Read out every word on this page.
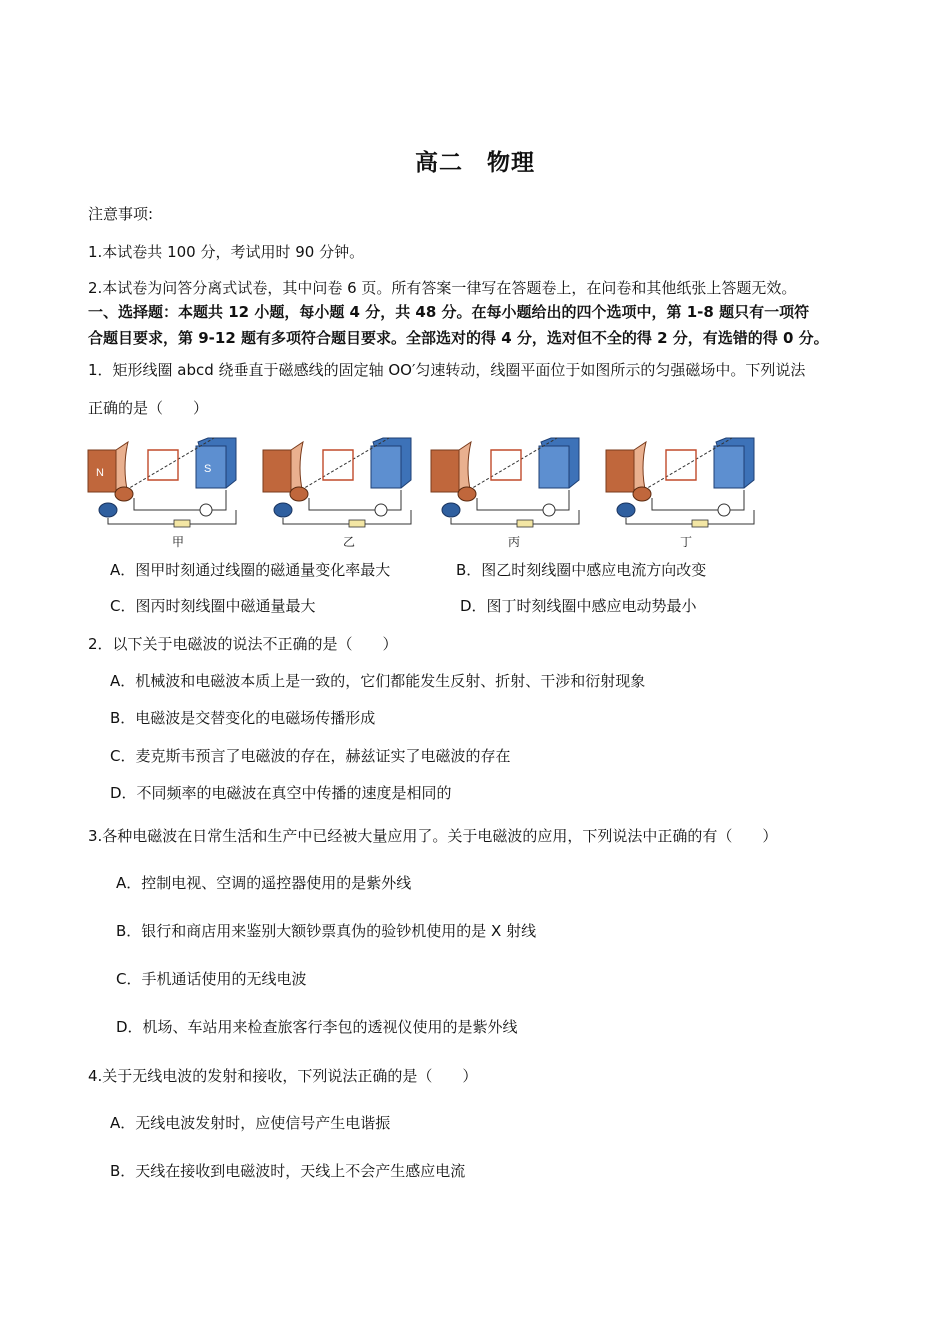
高二　物理
注意事项:
1.本试卷共 100 分，考试用时 90 分钟。
2.本试卷为问答分离式试卷，其中问卷 6 页。所有答案一律写在答题卷上，在问卷和其他纸张上答题无效。
一、选择题：本题共 12 小题，每小题 4 分，共 48 分。在每小题给出的四个选项中，第 1-8 题只有一项符
合题目要求，第 9-12 题有多项符合题目要求。全部选对的得 4 分，选对但不全的得 2 分，有选错的得 0 分。
1．矩形线圈 abcd 绕垂直于磁感线的固定轴 OO′匀速转动，线圈平面位于如图所示的匀强磁场中。下列说法
正确的是（　　）
N	S
甲	乙	丙	丁
A．图甲时刻通过线圈的磁通量变化率最大	B．图乙时刻线圈中感应电流方向改变
C．图丙时刻线圈中磁通量最大	D．图丁时刻线圈中感应电动势最小
2．以下关于电磁波的说法不正确的是（　　）
A．机械波和电磁波本质上是一致的，它们都能发生反射、折射、干涉和衍射现象
B．电磁波是交替变化的电磁场传播形成
C．麦克斯韦预言了电磁波的存在，赫兹证实了电磁波的存在
D．不同频率的电磁波在真空中传播的速度是相同的
3.各种电磁波在日常生活和生产中已经被大量应用了。关于电磁波的应用，下列说法中正确的有（　　）
A．控制电视、空调的遥控器使用的是紫外线
B．银行和商店用来鉴别大额钞票真伪的验钞机使用的是 X 射线
C．手机通话使用的无线电波
D．机场、车站用来检查旅客行李包的透视仪使用的是紫外线
4.关于无线电波的发射和接收，下列说法正确的是（　　）
A．无线电波发射时，应使信号产生电谐振
B．天线在接收到电磁波时，天线上不会产生感应电流
